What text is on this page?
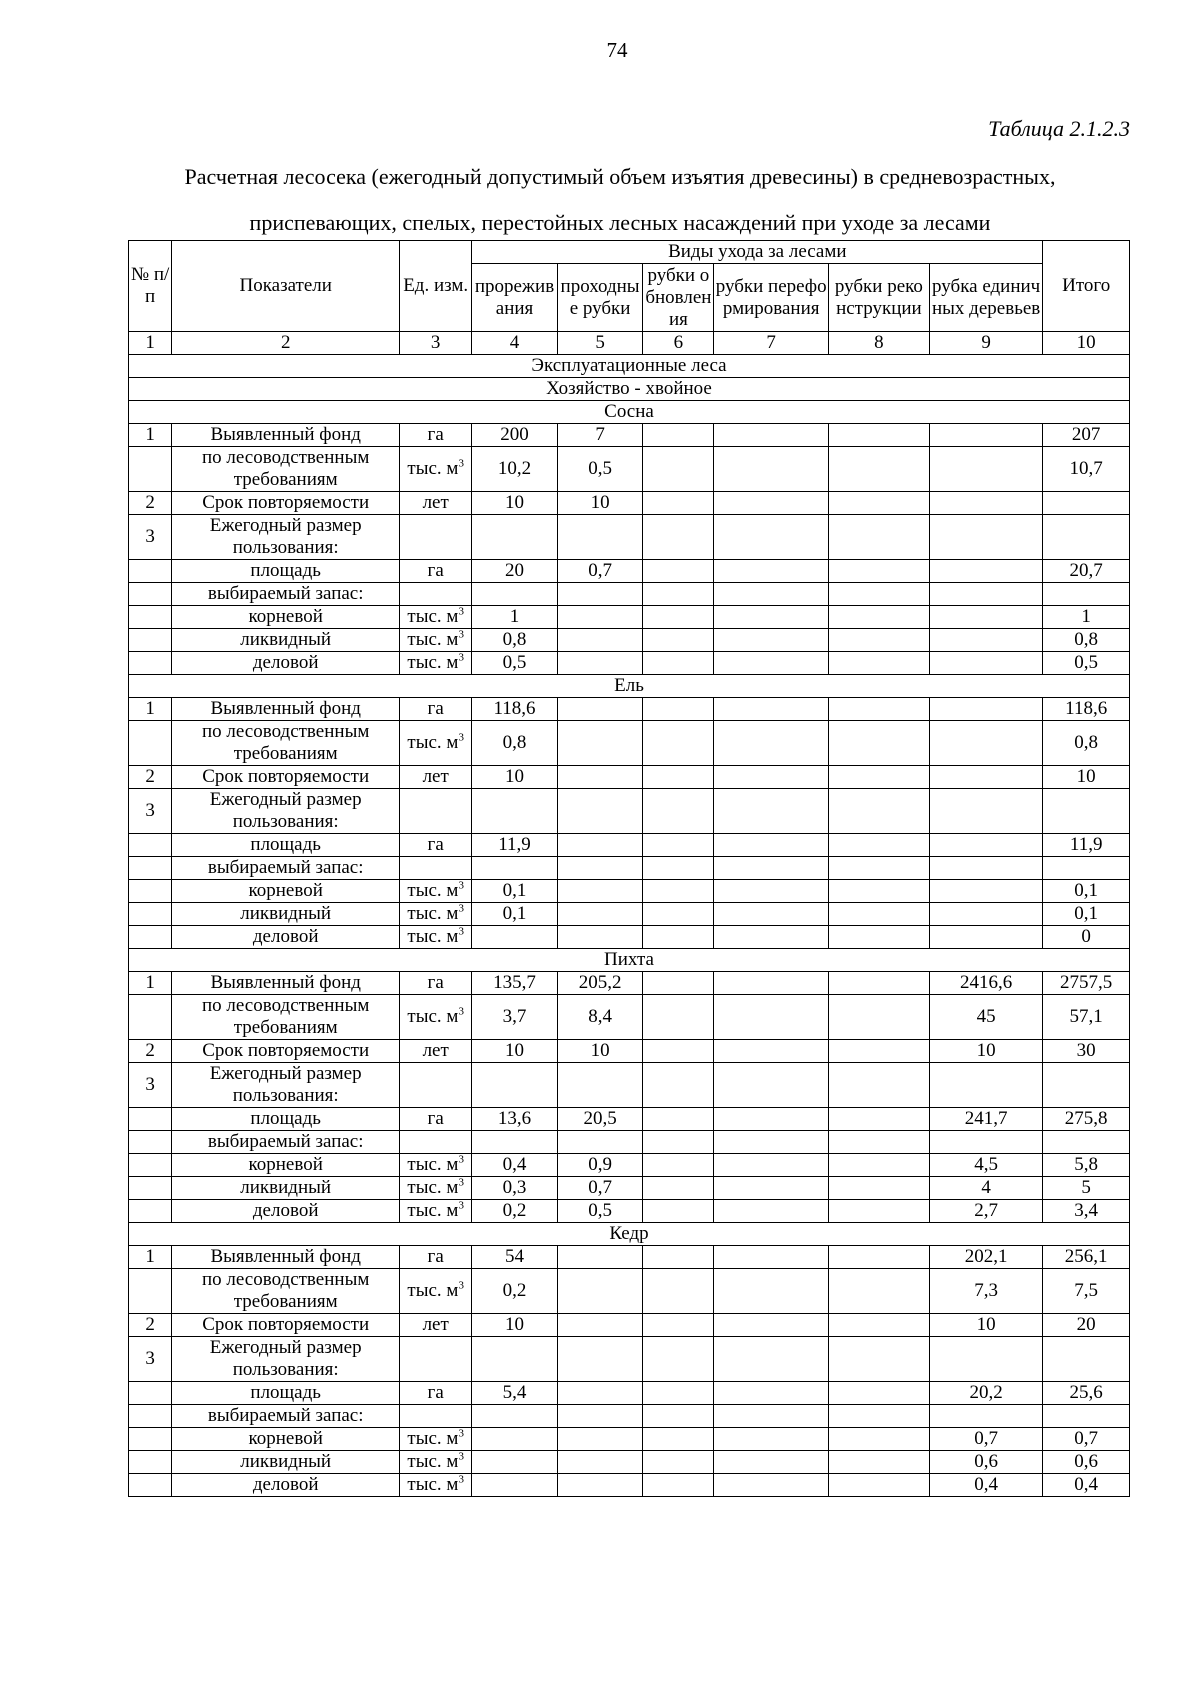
74
Таблица 2.1.2.3
Расчетная лесосека (ежегодный допустимый объем изъятия древесины) в средневозрастных,
приспевающих, спелых, перестойных лесных насаждений при уходе за лесами
№ п/п	Показатели	Ед. изм.	Виды ухода за лесами						Итого
			прореживания	проходные рубки	рубки обновления	рубки переформирования	рубки реконструкции	рубка единичных деревьев	
1	2	3	4	5	6	7	8	9	10
Эксплуатационные леса									
Хозяйство - хвойное									
Сосна									
1	Выявленный фонд	га	200	7					207

	по лесоводственным
требованиям	тыс. $м^3$	10,2	0,5					10,7
2	Срок повторяемости	лет	10	10					
3	Ежегодный размер
пользования:								

	площадь	га	20	0,7					20,7

	выбираемый запас:								

	корневой	тыс. $м^3$	1						1

	ликвидный	тыс. $м^3$	0,8						0,8

	деловой	тыс. $м^3$	0,5						0,5
Ель									
1	Выявленный фонд	га	118,6						118,6

	по лесоводственным
требованиям	тыс. $м^3$	0,8						0,8
2	Срок повторяемости	лет	10						10
3	Ежегодный размер
пользования:								

	площадь	га	11,9						11,9

	выбираемый запас:								

	корневой	тыс. $м^3$	0,1						0,1

	ликвидный	тыс. $м^3$	0,1						0,1

	деловой	тыс. $м^3$							0
Пихта									
1	Выявленный фонд	га	135,7	205,2				2416,6	2757,5

	по лесоводственным
требованиям	тыс. $м^3$	3,7	8,4				45	57,1
2	Срок повторяемости	лет	10	10				10	30
3	Ежегодный размер
пользования:								

	площадь	га	13,6	20,5				241,7	275,8

	выбираемый запас:								

	корневой	тыс. $м^3$	0,4	0,9				4,5	5,8

	ликвидный	тыс. $м^3$	0,3	0,7				4	5

	деловой	тыс. $м^3$	0,2	0,5				2,7	3,4
Кедр									
1	Выявленный фонд	га	54					202,1	256,1

	по лесоводственным
требованиям	тыс. $м^3$	0,2					7,3	7,5
2	Срок повторяемости	лет	10					10	20
3	Ежегодный размер
пользования:								

	площадь	га	5,4					20,2	25,6

	выбираемый запас:								

	корневой	тыс. $м^3$						0,7	0,7

	ликвидный	тыс. $м^3$						0,6	0,6

	деловой	тыс. $м^3$						0,4	0,4
